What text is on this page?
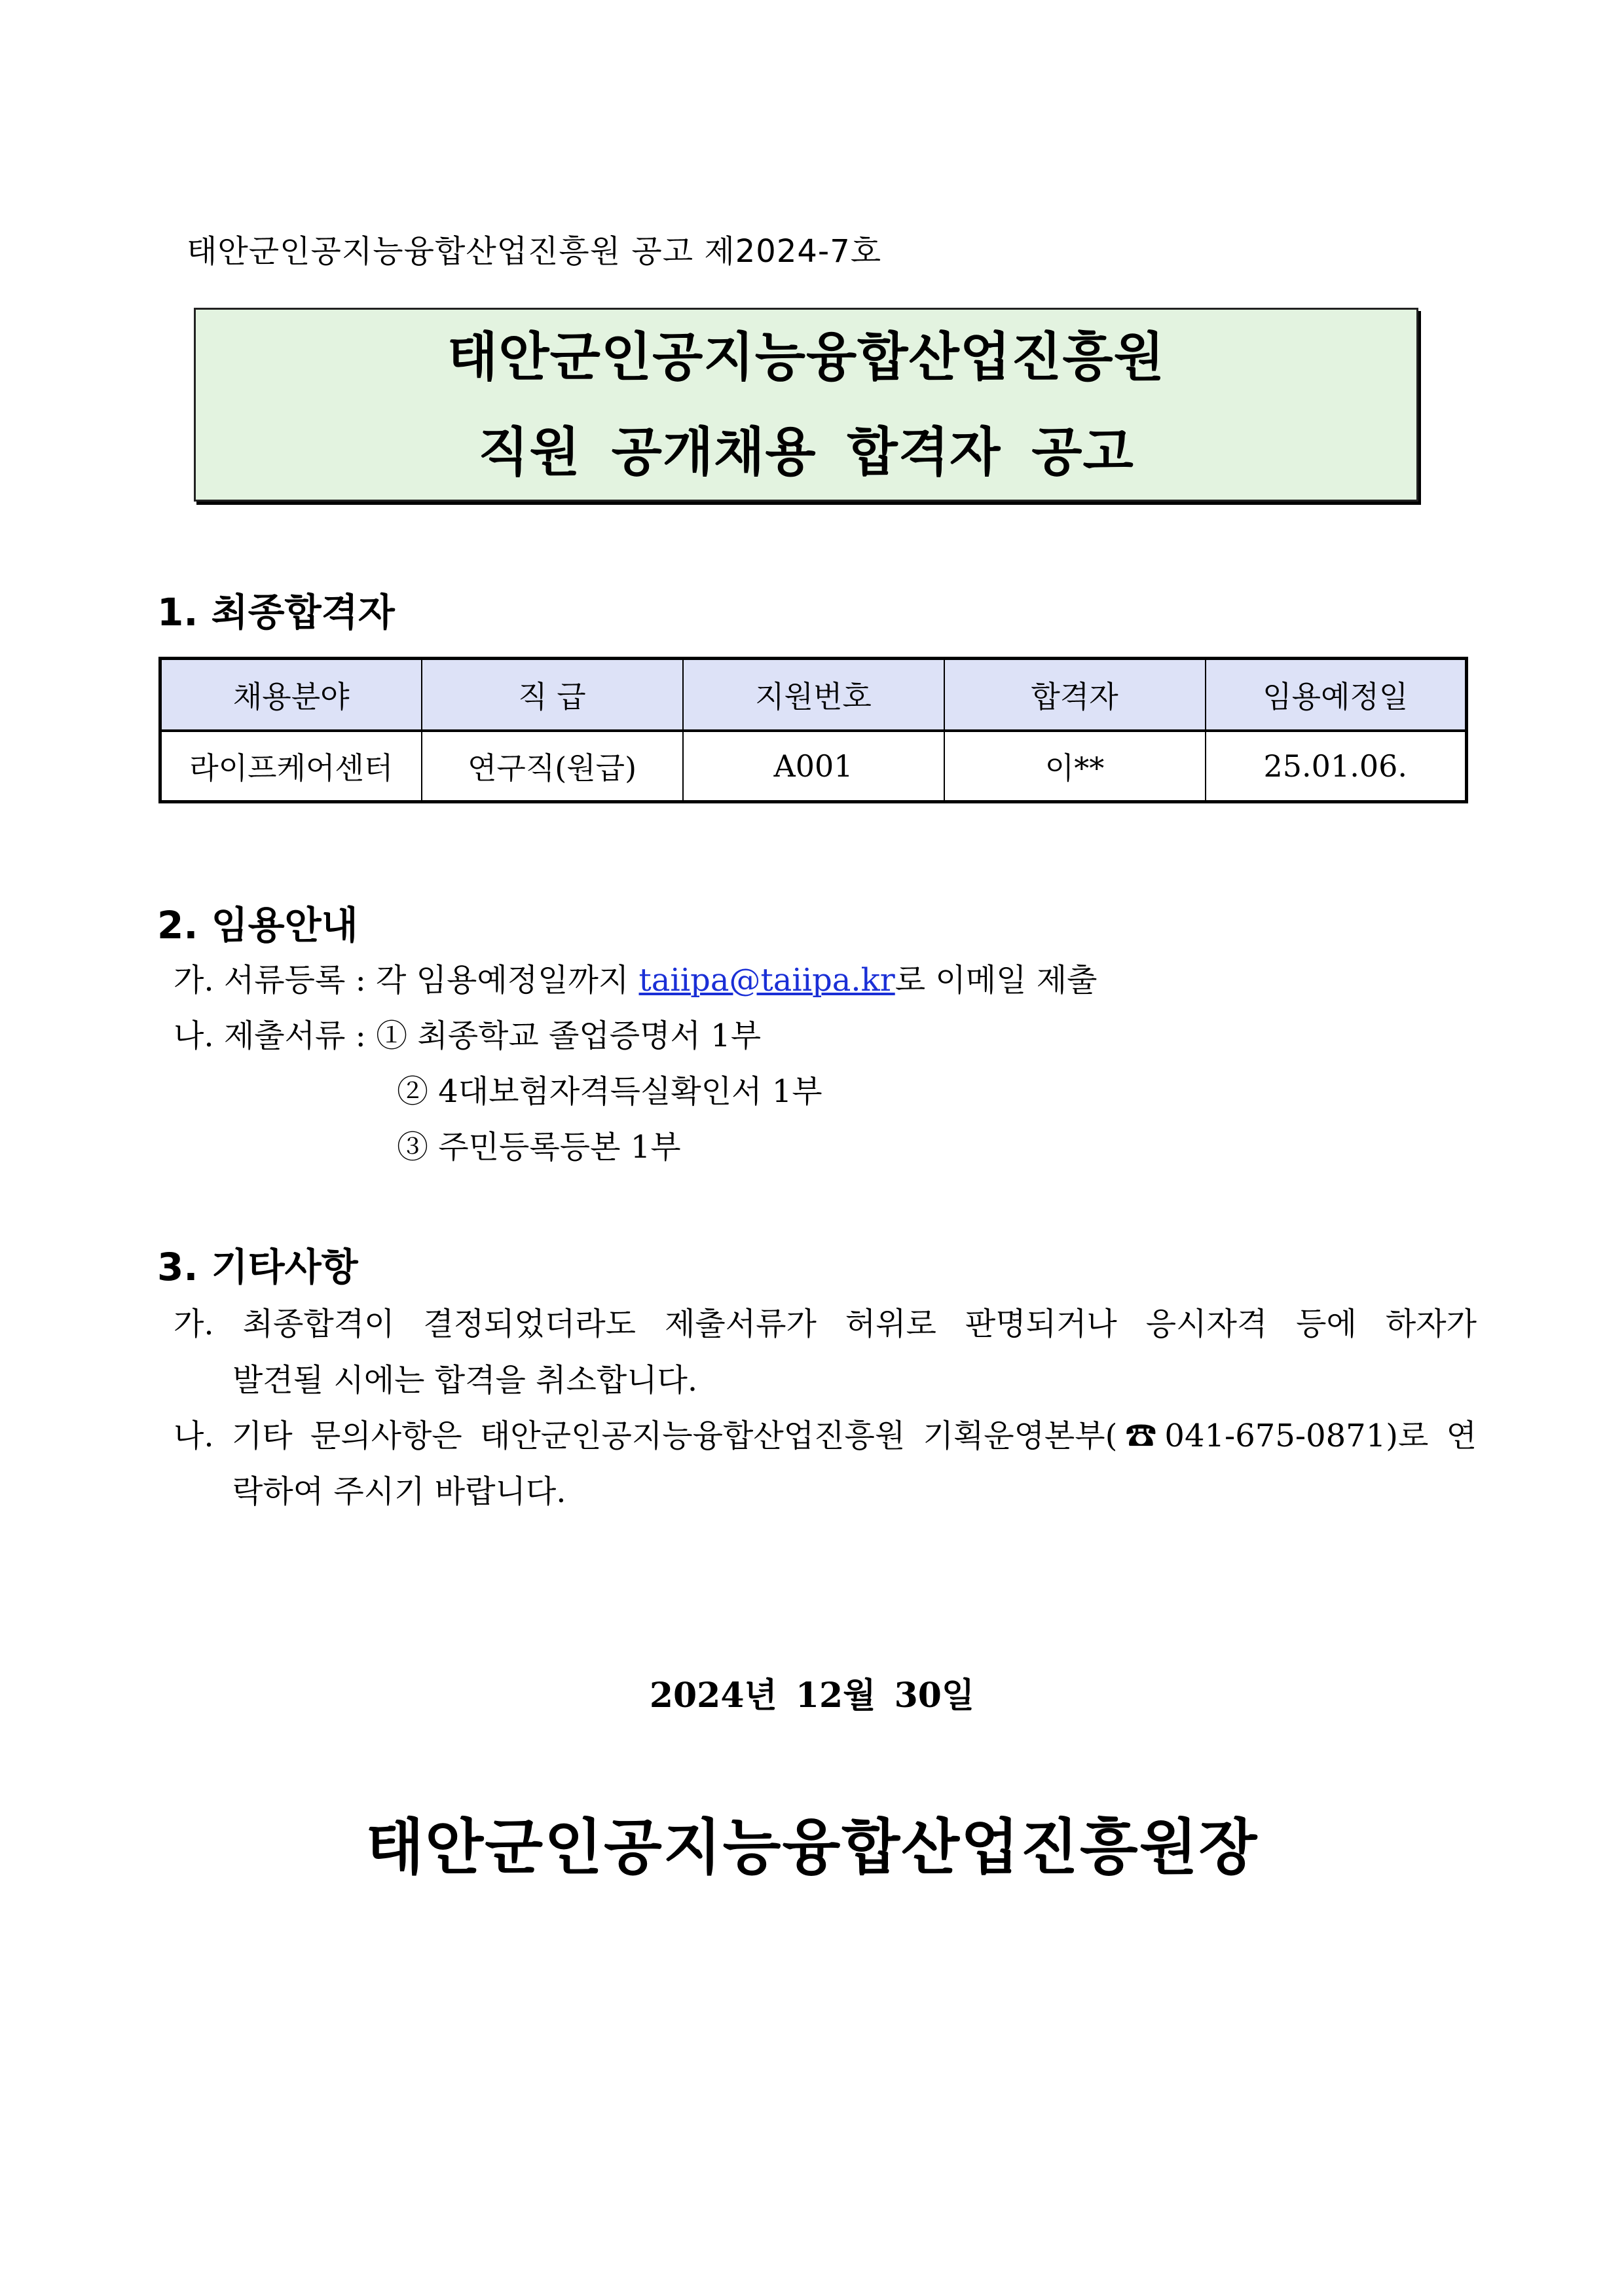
태안군인공지능융합산업진흥원 공고 제2024-7호
태안군인공지능융합산업진흥원
직원 공개채용 합격자 공고
1. 최종합격자
채용분야	직 급	지원번호	합격자	임용예정일
라이프케어센터	연구직(원급)	A001	이**	25.01.06.
2. 임용안내
가. 서류등록 : 각 임용예정일까지 taiipa@taiipa.kr로 이메일 제출
나. 제출서류 : ① 최종학교 졸업증명서 1부
② 4대보험자격득실확인서 1부
③ 주민등록등본 1부
3. 기타사항
가. 최종합격이 결정되었더라도 제출서류가 허위로 판명되거나 응시자격 등에 하자가
발견될 시에는 합격을 취소합니다.
나. 기타 문의사항은 태안군인공지능융합산업진흥원 기획운영본부(☎041-675-0871)로 연
락하여 주시기 바랍니다.
2024년 12월 30일
태안군인공지능융합산업진흥원장
